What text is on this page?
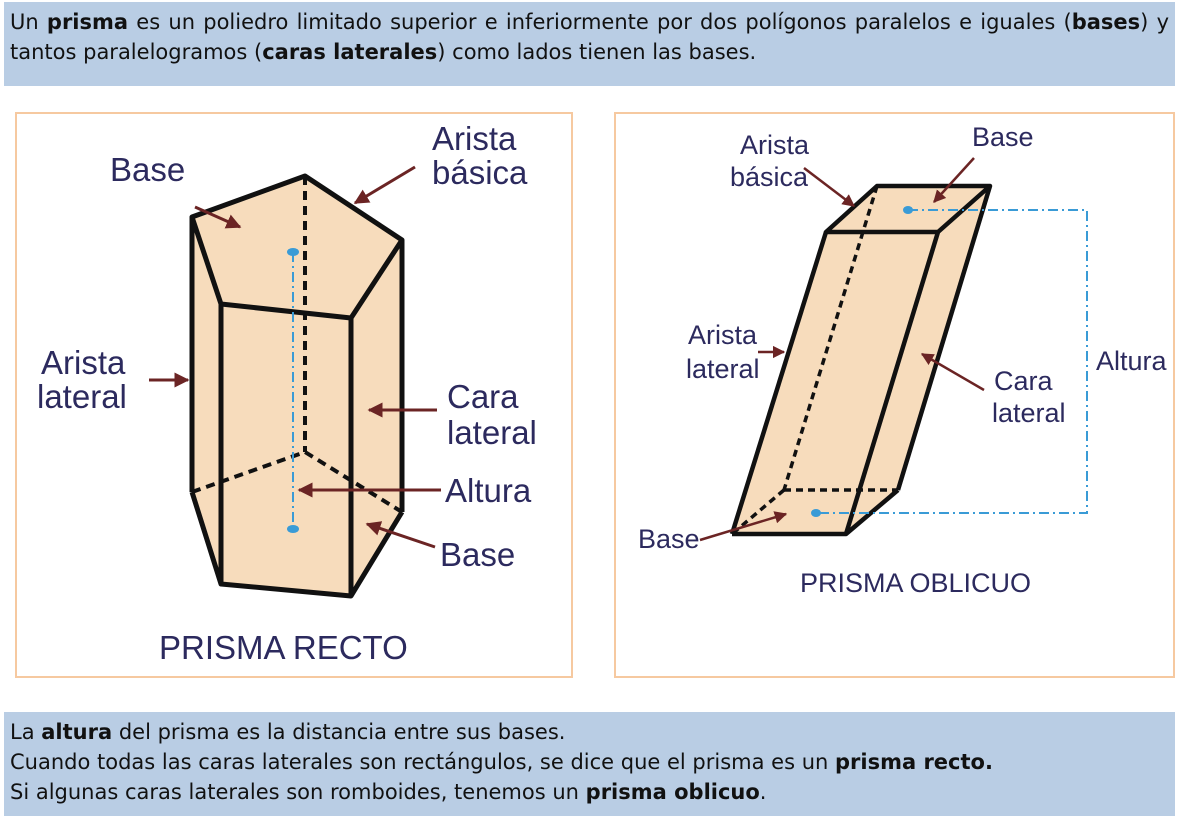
Un prisma es un poliedro limitado superior e inferiormente por dos polígonos paralelos e iguales (bases) y tantos paralelogramos (caras laterales) como lados tienen las bases.
Base
Arista
básica
Arista
lateral	Cara
lateral
Altura
Base
PRISMA RECTO
Arista
básica
Base
Arista
lateral	Cara
lateral
Altura
Base
PRISMA OBLICUO
La altura del prisma es la distancia entre sus bases.
Cuando todas las caras laterales son rectángulos, se dice que el prisma es un prisma recto.
Si algunas caras laterales son romboides, tenemos un prisma oblicuo.
